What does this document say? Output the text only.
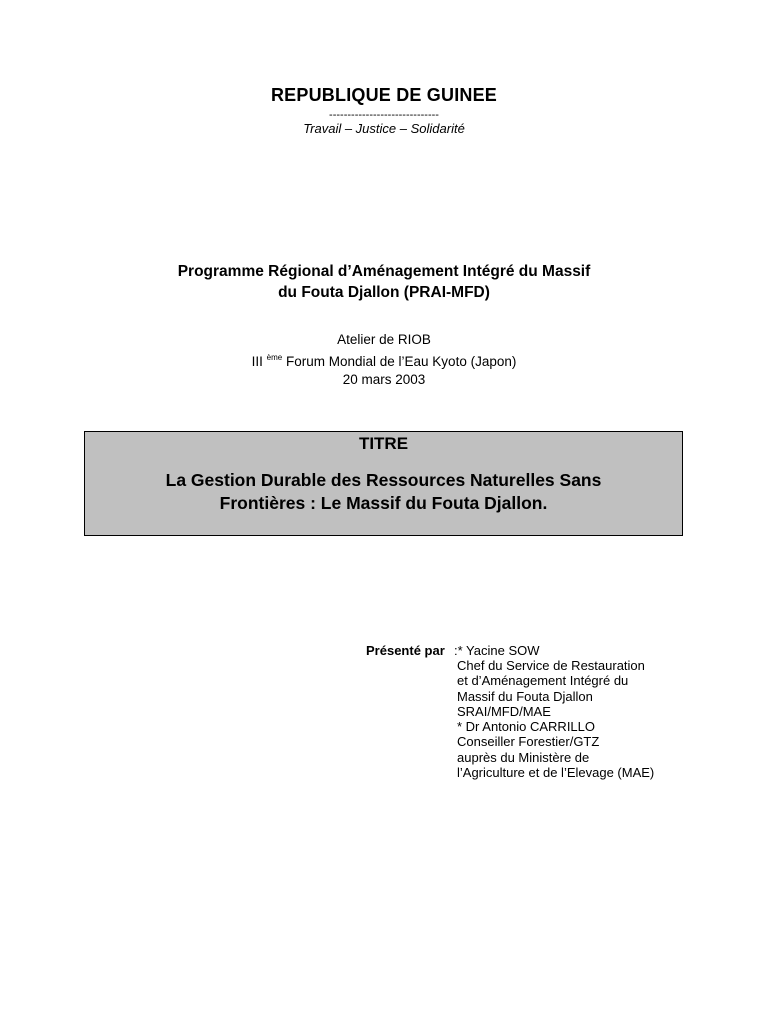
REPUBLIQUE DE GUINEE
------------------------------
Travail – Justice – Solidarité
Programme Régional d’Aménagement Intégré du Massif
du Fouta Djallon (PRAI-MFD)
Atelier de RIOB
III $^{ème}$ Forum Mondial de l’Eau Kyoto (Japon)
20 mars 2003
TITRE
La Gestion Durable des Ressources Naturelles Sans
Frontières : Le Massif du Fouta Djallon.
Présenté par :* Yacine SOW
Chef du Service de Restauration
et d’Aménagement Intégré du
Massif du Fouta Djallon
SRAI/MFD/MAE
* Dr Antonio CARRILLO
Conseiller Forestier/GTZ
auprès du Ministère de
l’Agriculture et de l’Elevage (MAE)
